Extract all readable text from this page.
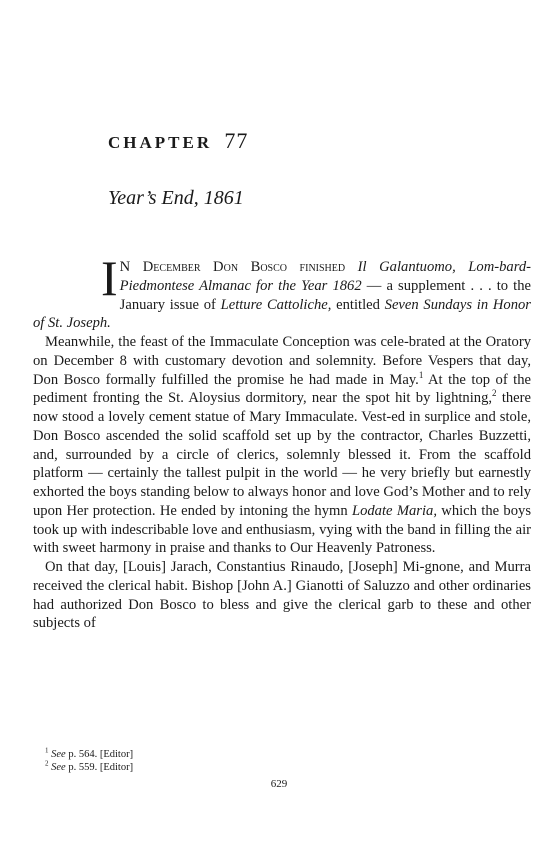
CHAPTER 77
Year’s End, 1861

I N December Don Bosco finished Il Galantuomo, Lom-bard-Piedmontese Almanac for the Year 1862 — a supplement . . . to the January issue of Letture Cattoliche, entitled Seven Sundays in Honor of St. Joseph.

Meanwhile, the feast of the Immaculate Conception was cele-brated at the Oratory on December 8 with customary devotion and solemnity. Before Vespers that day, Don Bosco formally fulfilled the promise he had made in May.$^1$ At the top of the pediment fronting the St. Aloysius dormitory, near the spot hit by lightning,$^2$ there now stood a lovely cement statue of Mary Immaculate. Vest-ed in surplice and stole, Don Bosco ascended the solid scaffold set up by the contractor, Charles Buzzetti, and, surrounded by a circle of clerics, solemnly blessed it. From the scaffold platform — certainly the tallest pulpit in the world — he very briefly but earnestly exhorted the boys standing below to always honor and love God’s Mother and to rely upon Her protection. He ended by intoning the hymn Lodate Maria, which the boys took up with indescribable love and enthusiasm, vying with the band in filling the air with sweet harmony in praise and thanks to Our Heavenly Patroness.

On that day, [Louis] Jarach, Constantius Rinaudo, [Joseph] Mi-gnone, and Murra received the clerical habit. Bishop [John A.] Gianotti of Saluzzo and other ordinaries had authorized Don Bosco to bless and give the clerical garb to these and other subjects of

$^1$ See p. 564. [Editor]
$^2$ See p. 559. [Editor]
629
